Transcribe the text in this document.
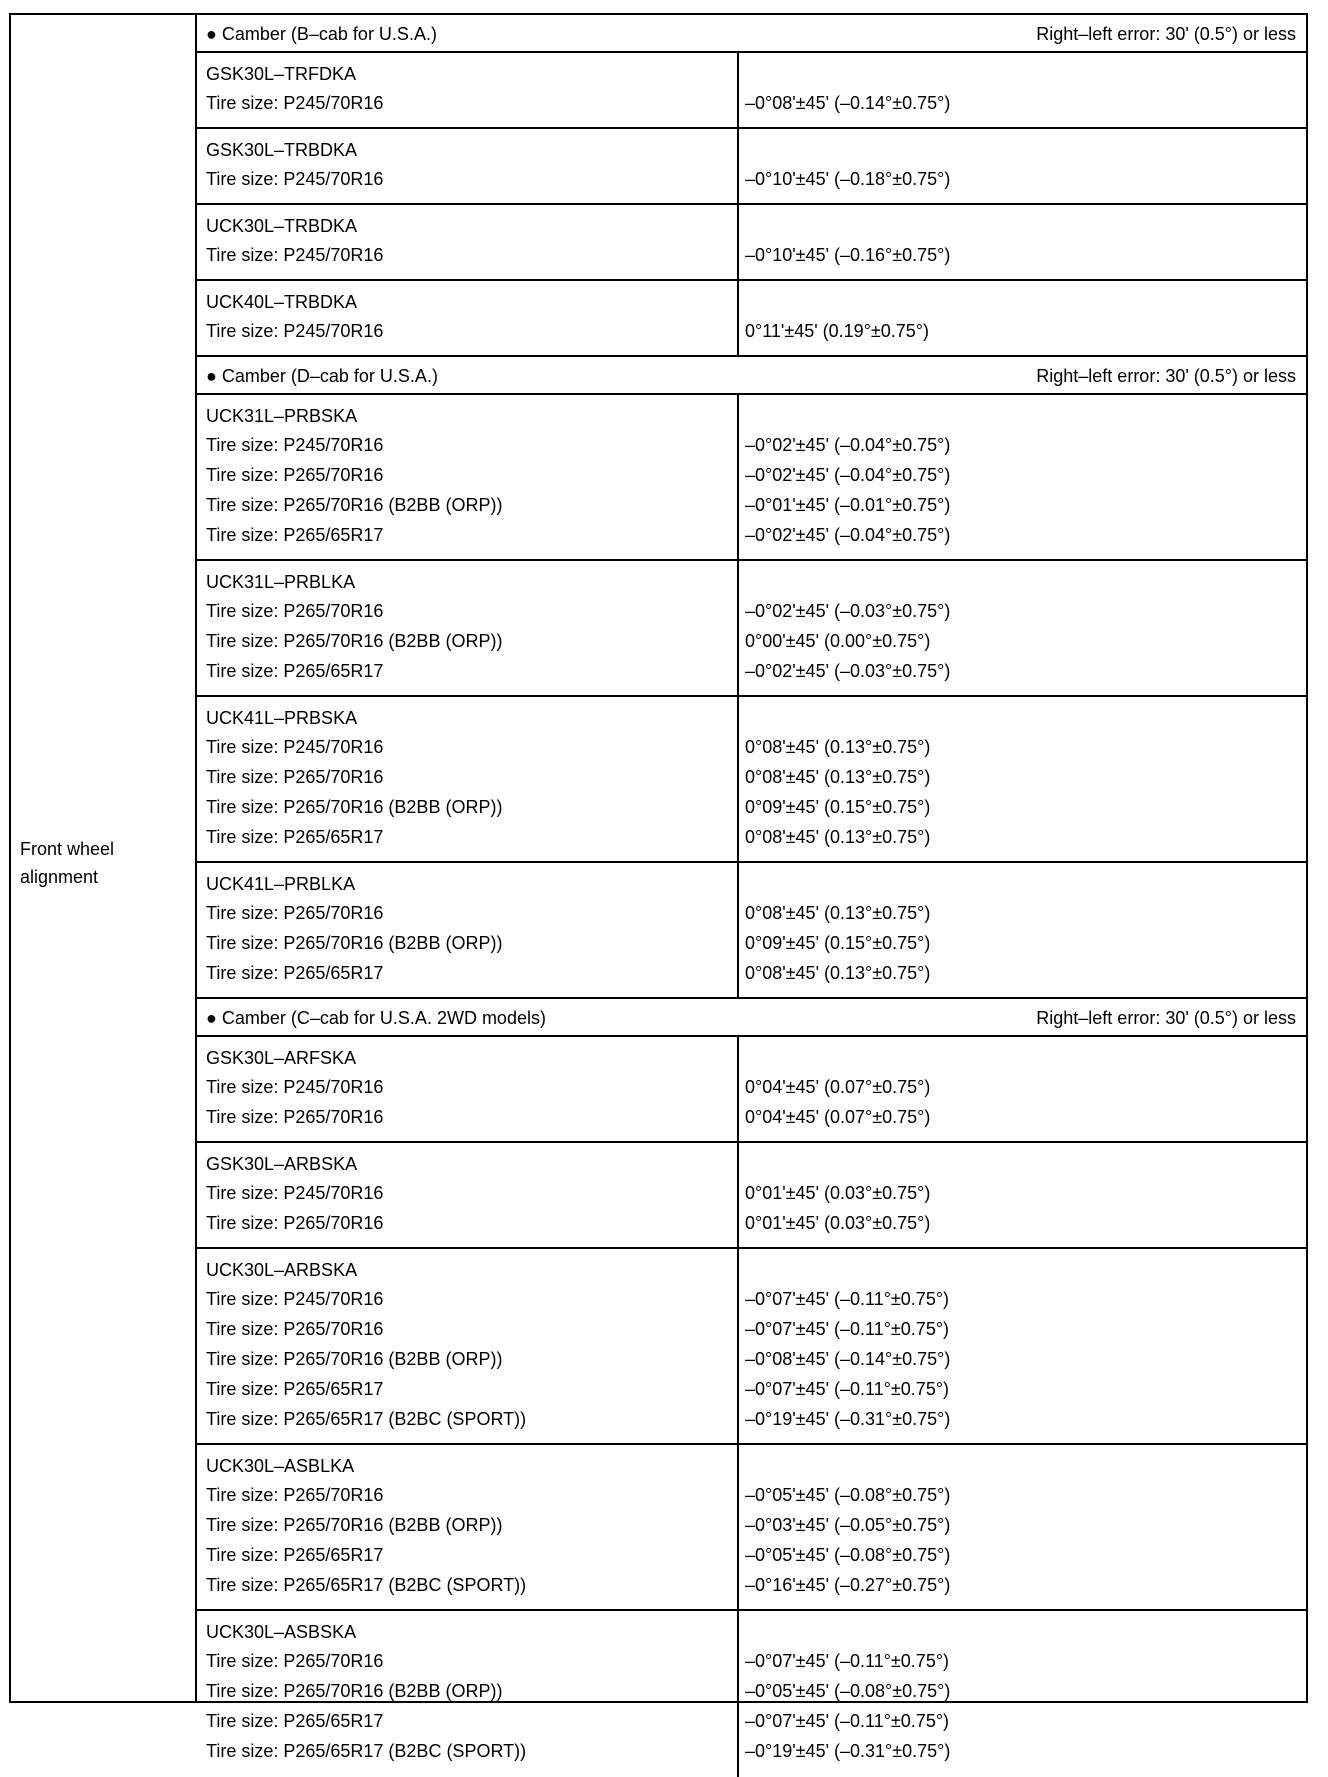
Front wheel alignment
● Camber (B–cab for U.S.A.)	Right–left error: 30' (0.5°) or less
GSK30L–TRFDKA
Tire size: P245/70R16	–0°08'±45' (–0.14°±0.75°)
GSK30L–TRBDKA
Tire size: P245/70R16	–0°10'±45' (–0.18°±0.75°)
UCK30L–TRBDKA
Tire size: P245/70R16	–0°10'±45' (–0.16°±0.75°)
UCK40L–TRBDKA
Tire size: P245/70R16	0°11'±45' (0.19°±0.75°)
● Camber (D–cab for U.S.A.)	Right–left error: 30' (0.5°) or less
UCK31L–PRBSKA
Tire size: P245/70R16	–0°02'±45' (–0.04°±0.75°)
Tire size: P265/70R16	–0°02'±45' (–0.04°±0.75°)
Tire size: P265/70R16 (B2BB (ORP))	–0°01'±45' (–0.01°±0.75°)
Tire size: P265/65R17	–0°02'±45' (–0.04°±0.75°)
UCK31L–PRBLKA
Tire size: P265/70R16	–0°02'±45' (–0.03°±0.75°)
Tire size: P265/70R16 (B2BB (ORP))	0°00'±45' (0.00°±0.75°)
Tire size: P265/65R17	–0°02'±45' (–0.03°±0.75°)
UCK41L–PRBSKA
Tire size: P245/70R16	0°08'±45' (0.13°±0.75°)
Tire size: P265/70R16	0°08'±45' (0.13°±0.75°)
Tire size: P265/70R16 (B2BB (ORP))	0°09'±45' (0.15°±0.75°)
Tire size: P265/65R17	0°08'±45' (0.13°±0.75°)
UCK41L–PRBLKA
Tire size: P265/70R16	0°08'±45' (0.13°±0.75°)
Tire size: P265/70R16 (B2BB (ORP))	0°09'±45' (0.15°±0.75°)
Tire size: P265/65R17	0°08'±45' (0.13°±0.75°)
● Camber (C–cab for U.S.A. 2WD models)	Right–left error: 30' (0.5°) or less
GSK30L–ARFSKA
Tire size: P245/70R16	0°04'±45' (0.07°±0.75°)
Tire size: P265/70R16	0°04'±45' (0.07°±0.75°)
GSK30L–ARBSKA
Tire size: P245/70R16	0°01'±45' (0.03°±0.75°)
Tire size: P265/70R16	0°01'±45' (0.03°±0.75°)
UCK30L–ARBSKA
Tire size: P245/70R16	–0°07'±45' (–0.11°±0.75°)
Tire size: P265/70R16	–0°07'±45' (–0.11°±0.75°)
Tire size: P265/70R16 (B2BB (ORP))	–0°08'±45' (–0.14°±0.75°)
Tire size: P265/65R17	–0°07'±45' (–0.11°±0.75°)
Tire size: P265/65R17 (B2BC (SPORT))	–0°19'±45' (–0.31°±0.75°)
UCK30L–ASBLKA
Tire size: P265/70R16	–0°05'±45' (–0.08°±0.75°)
Tire size: P265/70R16 (B2BB (ORP))	–0°03'±45' (–0.05°±0.75°)
Tire size: P265/65R17	–0°05'±45' (–0.08°±0.75°)
Tire size: P265/65R17 (B2BC (SPORT))	–0°16'±45' (–0.27°±0.75°)
UCK30L–ASBSKA
Tire size: P265/70R16	–0°07'±45' (–0.11°±0.75°)
Tire size: P265/70R16 (B2BB (ORP))	–0°05'±45' (–0.08°±0.75°)
Tire size: P265/65R17	–0°07'±45' (–0.11°±0.75°)
Tire size: P265/65R17 (B2BC (SPORT))	–0°19'±45' (–0.31°±0.75°)
